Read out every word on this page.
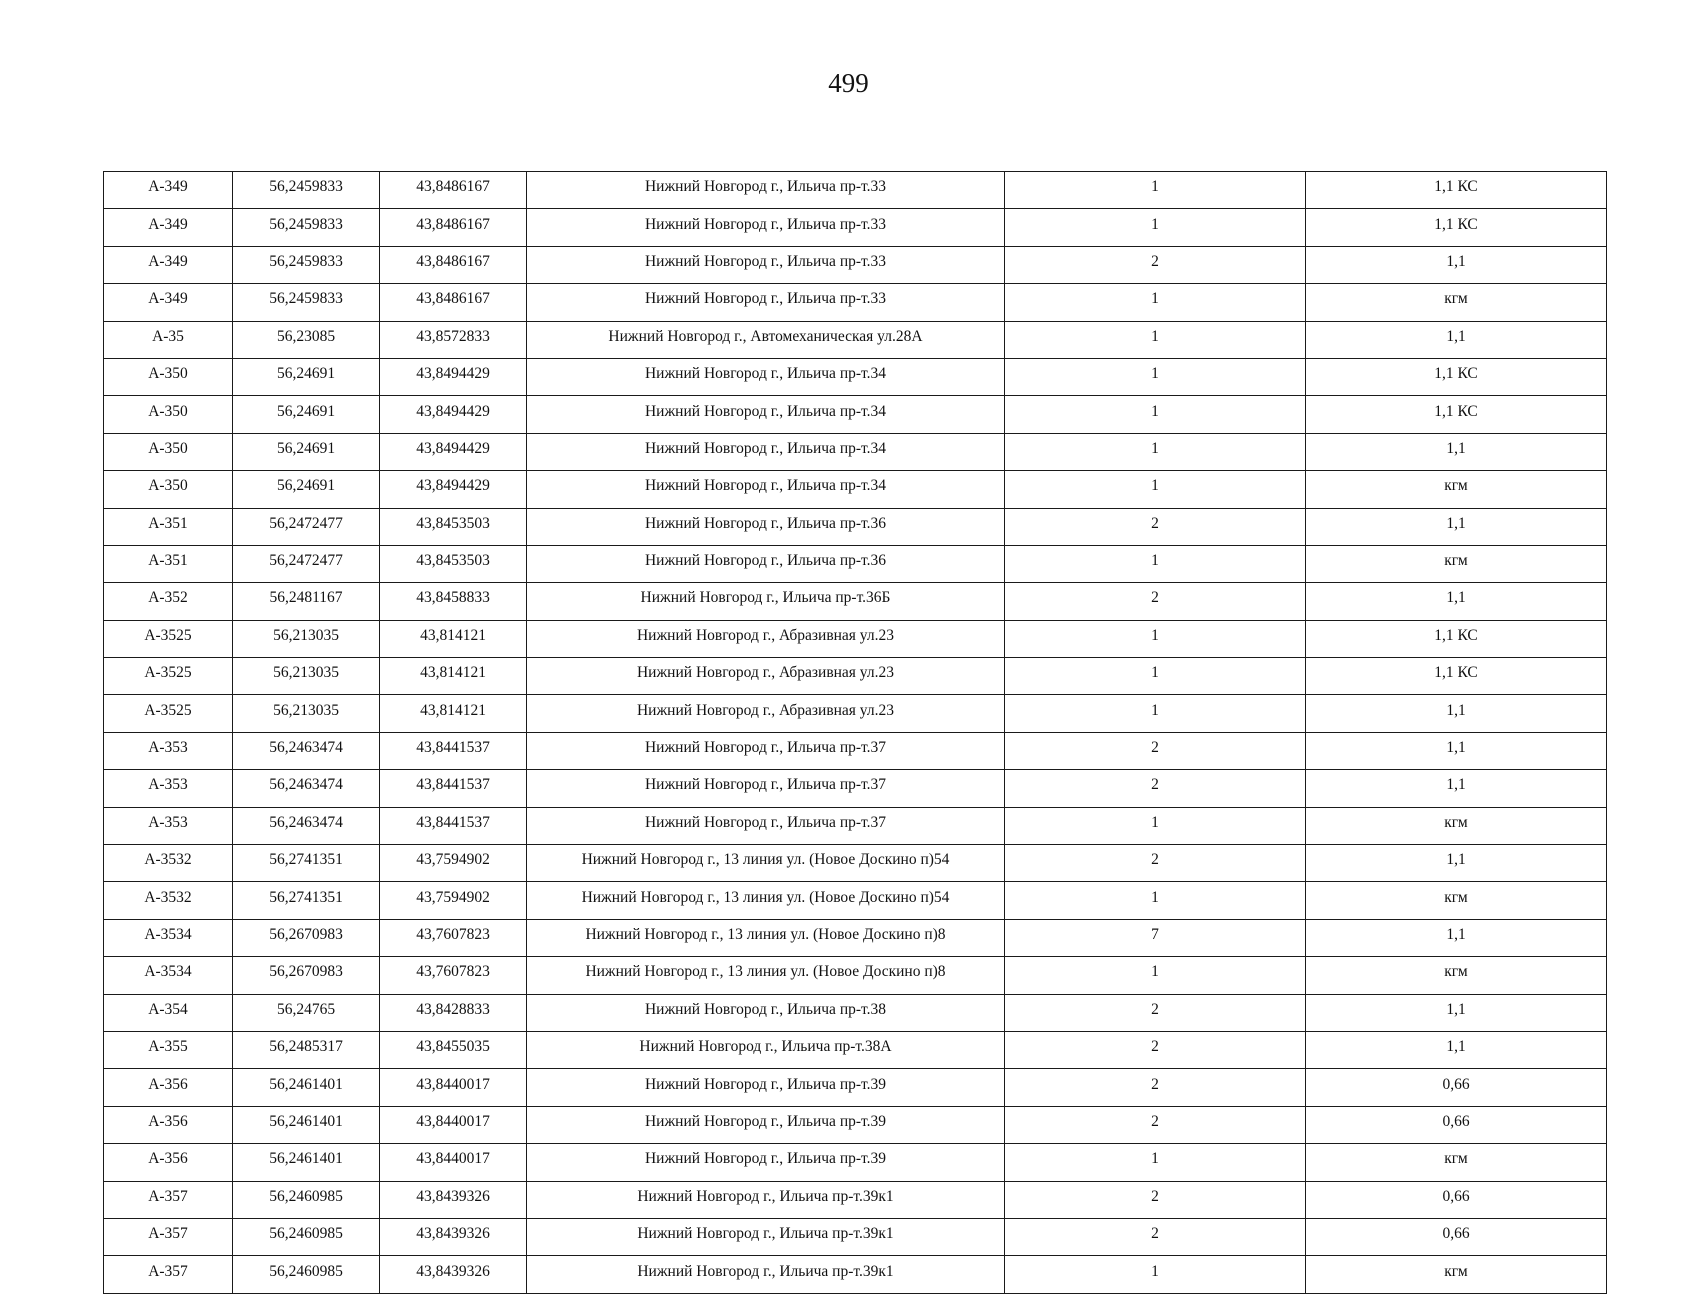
499
А-349	56,2459833	43,8486167	Нижний Новгород г., Ильича пр-т.33	1	1,1 КС
А-349	56,2459833	43,8486167	Нижний Новгород г., Ильича пр-т.33	1	1,1 КС
А-349	56,2459833	43,8486167	Нижний Новгород г., Ильича пр-т.33	2	1,1
А-349	56,2459833	43,8486167	Нижний Новгород г., Ильича пр-т.33	1	кгм
А-35	56,23085	43,8572833	Нижний Новгород г., Автомеханическая ул.28А	1	1,1
А-350	56,24691	43,8494429	Нижний Новгород г., Ильича пр-т.34	1	1,1 КС
А-350	56,24691	43,8494429	Нижний Новгород г., Ильича пр-т.34	1	1,1 КС
А-350	56,24691	43,8494429	Нижний Новгород г., Ильича пр-т.34	1	1,1
А-350	56,24691	43,8494429	Нижний Новгород г., Ильича пр-т.34	1	кгм
А-351	56,2472477	43,8453503	Нижний Новгород г., Ильича пр-т.36	2	1,1
А-351	56,2472477	43,8453503	Нижний Новгород г., Ильича пр-т.36	1	кгм
А-352	56,2481167	43,8458833	Нижний Новгород г., Ильича пр-т.36Б	2	1,1
А-3525	56,213035	43,814121	Нижний Новгород г., Абразивная ул.23	1	1,1 КС
А-3525	56,213035	43,814121	Нижний Новгород г., Абразивная ул.23	1	1,1 КС
А-3525	56,213035	43,814121	Нижний Новгород г., Абразивная ул.23	1	1,1
А-353	56,2463474	43,8441537	Нижний Новгород г., Ильича пр-т.37	2	1,1
А-353	56,2463474	43,8441537	Нижний Новгород г., Ильича пр-т.37	2	1,1
А-353	56,2463474	43,8441537	Нижний Новгород г., Ильича пр-т.37	1	кгм
А-3532	56,2741351	43,7594902	Нижний Новгород г., 13 линия ул. (Новое Доскино п)54	2	1,1
А-3532	56,2741351	43,7594902	Нижний Новгород г., 13 линия ул. (Новое Доскино п)54	1	кгм
А-3534	56,2670983	43,7607823	Нижний Новгород г., 13 линия ул. (Новое Доскино п)8	7	1,1
А-3534	56,2670983	43,7607823	Нижний Новгород г., 13 линия ул. (Новое Доскино п)8	1	кгм
А-354	56,24765	43,8428833	Нижний Новгород г., Ильича пр-т.38	2	1,1
А-355	56,2485317	43,8455035	Нижний Новгород г., Ильича пр-т.38А	2	1,1
А-356	56,2461401	43,8440017	Нижний Новгород г., Ильича пр-т.39	2	0,66
А-356	56,2461401	43,8440017	Нижний Новгород г., Ильича пр-т.39	2	0,66
А-356	56,2461401	43,8440017	Нижний Новгород г., Ильича пр-т.39	1	кгм
А-357	56,2460985	43,8439326	Нижний Новгород г., Ильича пр-т.39к1	2	0,66
А-357	56,2460985	43,8439326	Нижний Новгород г., Ильича пр-т.39к1	2	0,66
А-357	56,2460985	43,8439326	Нижний Новгород г., Ильича пр-т.39к1	1	кгм
